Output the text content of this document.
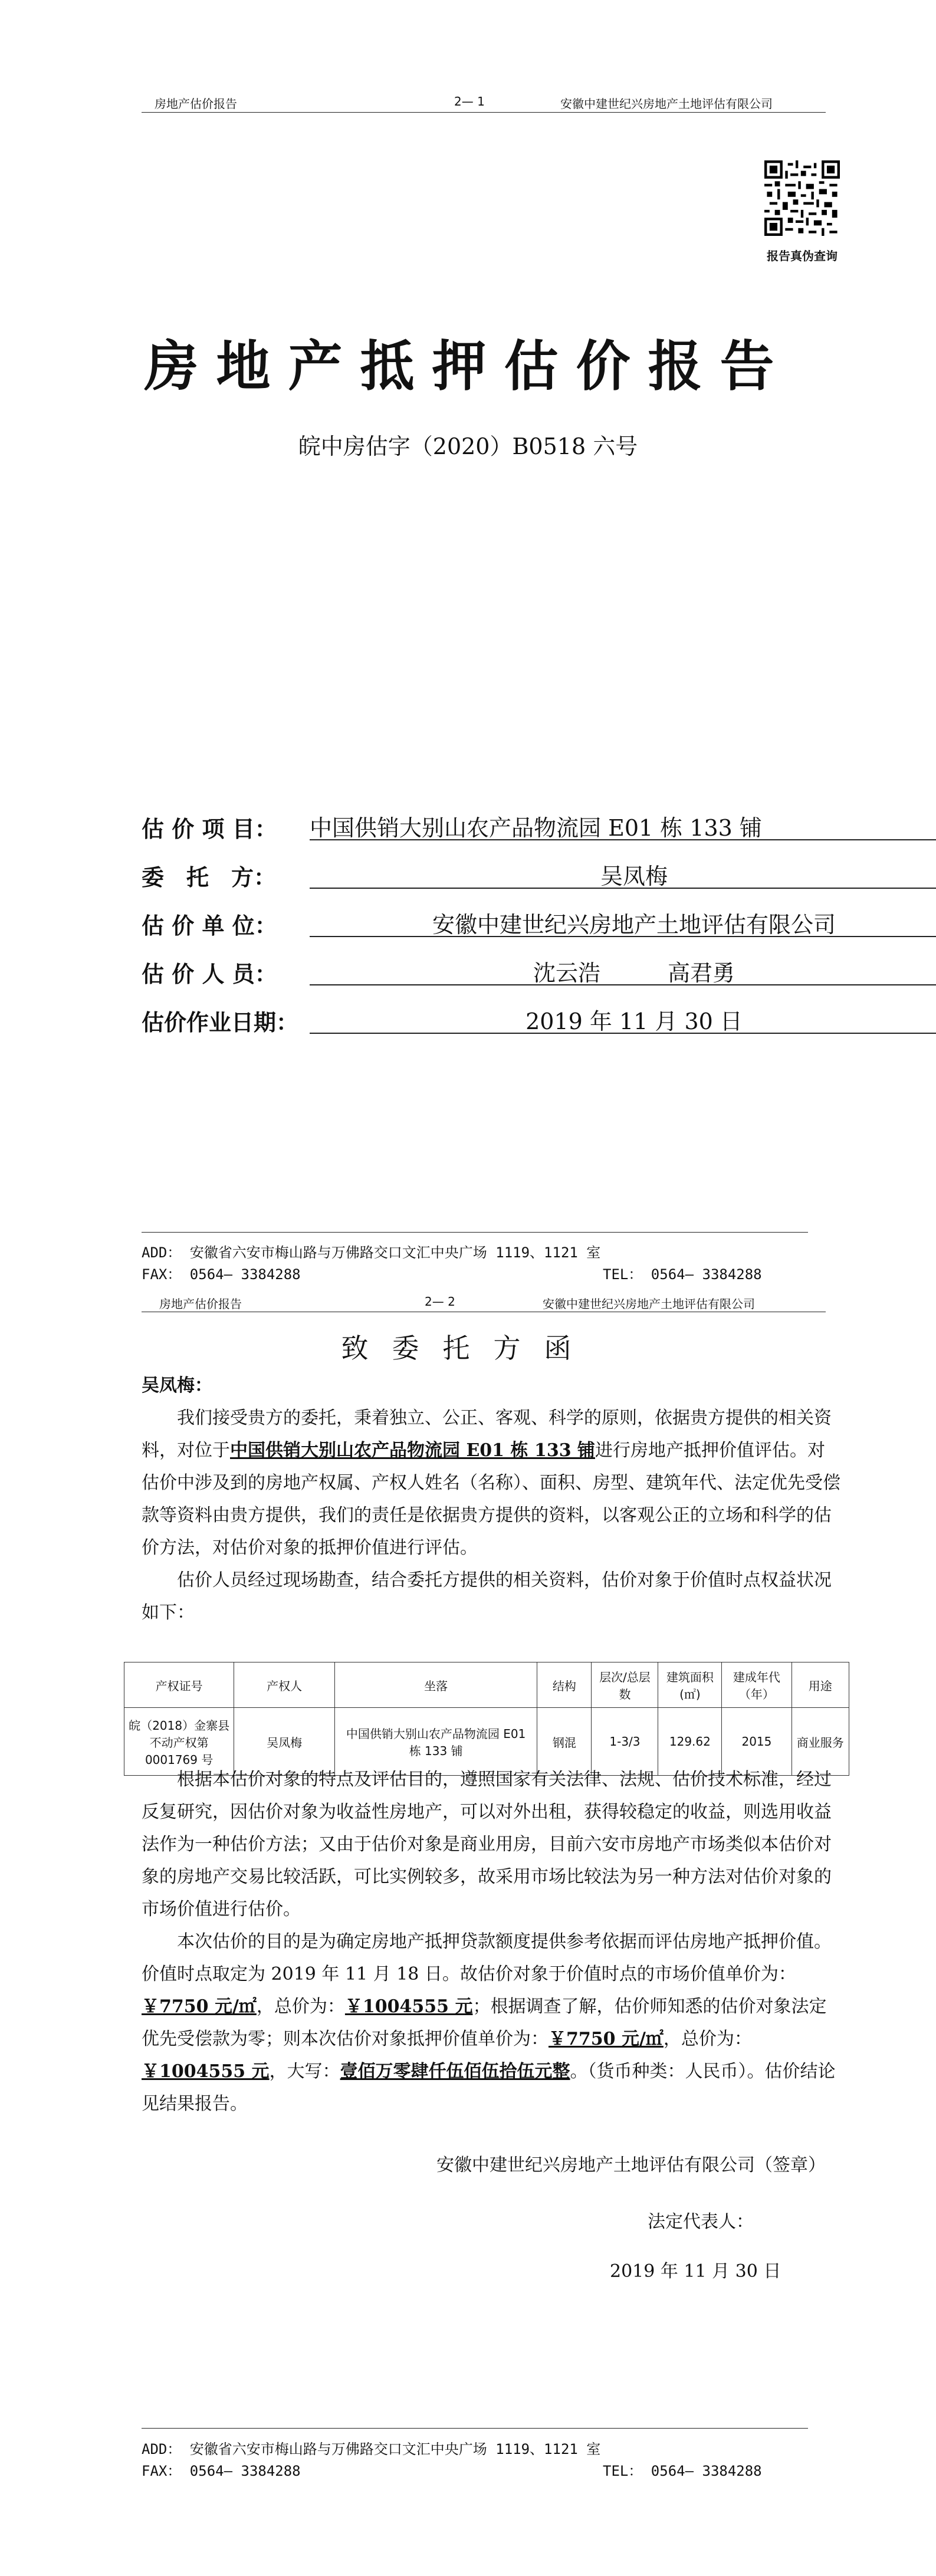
房地产估价报告	2— 1	安徽中建世纪兴房地产土地评估有限公司
报告真伪查询
房地产抵押估价报告
皖中房估字（2020）B0518 六号
估 价 项 目：	中国供销大别山农产品物流园 E01 栋 133 铺
委　托　方：	吴凤梅
估 价 单 位：	安徽中建世纪兴房地产土地评估有限公司
估 价 人 员：	沈云浩　　　高君勇
估价作业日期：	2019 年 11 月 30 日
ADD： 安徽省六安市梅山路与万佛路交口文汇中央广场 1119、1121 室
FAX： 0564— 3384288	TEL： 0564— 3384288
房地产估价报告	2— 2	安徽中建世纪兴房地产土地评估有限公司
致委托方函

吴凤梅：

我们接受贵方的委托，秉着独立、公正、客观、科学的原则，依据贵方提供的相关资料，对位于中国供销大别山农产品物流园 E01 栋 133 铺进行房地产抵押价值评估。对估价中涉及到的房地产权属、产权人姓名（名称）、面积、房型、建筑年代、法定优先受偿款等资料由贵方提供，我们的责任是依据贵方提供的资料，以客观公正的立场和科学的估价方法，对估价对象的抵押价值进行评估。

估价人员经过现场勘查，结合委托方提供的相关资料，估价对象于价值时点权益状况如下：

产权证号	产权人	坐落	结构	层次/总层数	建筑面积(㎡)	建成年代（年）	用途
皖（2018）金寨县不动产权第 0001769 号	吴凤梅	中国供销大别山农产品物流园 E01 栋 133 铺	钢混	1-3/3	129.62	2015	商业服务

根据本估价对象的特点及评估目的，遵照国家有关法律、法规、估价技术标准，经过反复研究，因估价对象为收益性房地产，可以对外出租，获得较稳定的收益，则选用收益法作为一种估价方法；又由于估价对象是商业用房，目前六安市房地产市场类似本估价对象的房地产交易比较活跃，可比实例较多，故采用市场比较法为另一种方法对估价对象的市场价值进行估价。

本次估价的目的是为确定房地产抵押贷款额度提供参考依据而评估房地产抵押价值。价值时点取定为 2019 年 11 月 18 日。故估价对象于价值时点的市场价值单价为：￥7750 元/㎡，总价为：￥1004555 元；根据调查了解，估价师知悉的估价对象法定优先受偿款为零；则本次估价对象抵押价值单价为：￥7750 元/㎡，总价为：￥1004555 元，大写：壹佰万零肆仟伍佰伍拾伍元整。（货币种类：人民币）。估价结论见结果报告。

安徽中建世纪兴房地产土地评估有限公司（签章）
法定代表人：
2019 年 11 月 30 日
ADD： 安徽省六安市梅山路与万佛路交口文汇中央广场 1119、1121 室
FAX： 0564— 3384288	TEL： 0564— 3384288
